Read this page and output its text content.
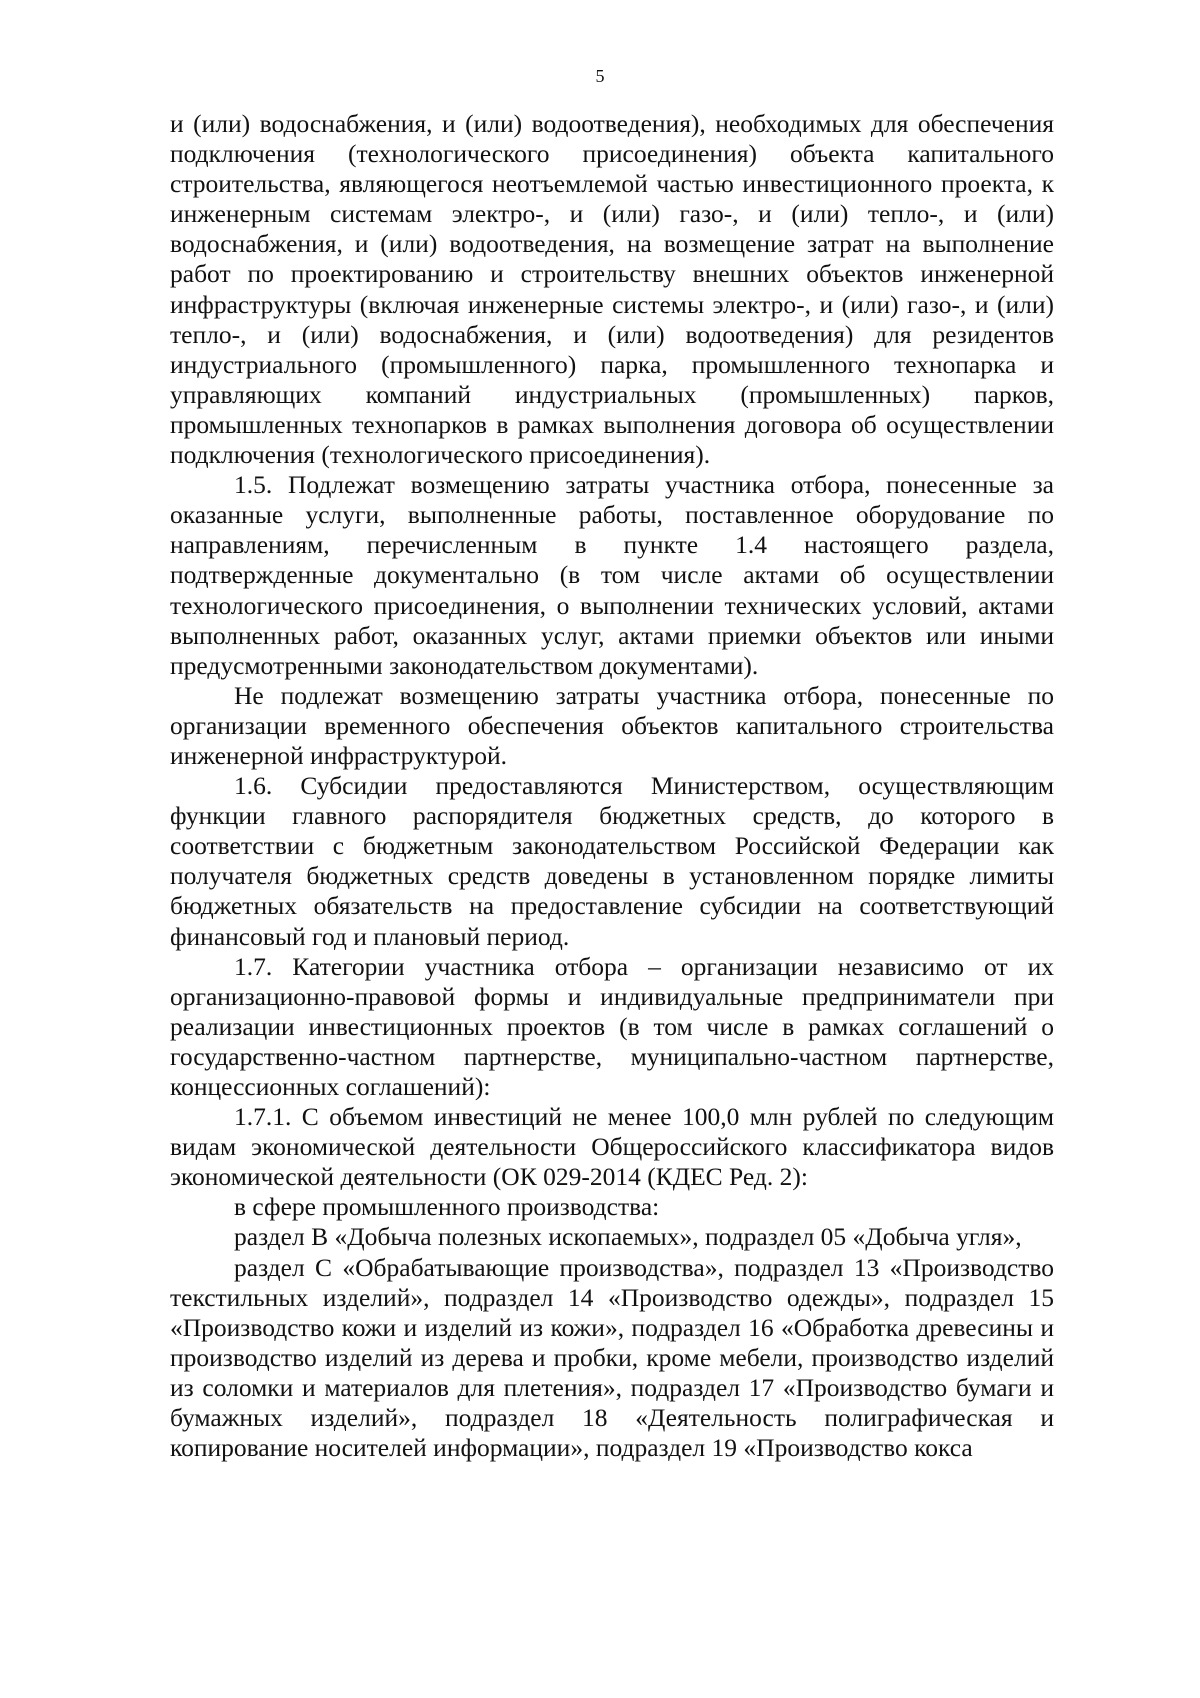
5

и (или) водоснабжения, и (или) водоотведения), необходимых для обеспечения подключения (технологического присоединения) объекта капитального строительства, являющегося неотъемлемой частью инвестиционного проекта, к инженерным системам электро-, и (или) газо-, и (или) тепло-, и (или) водоснабжения, и (или) водоотведения, на возмещение затрат на выполнение работ по проектированию и строительству внешних объектов инженерной инфраструктуры (включая инженерные системы электро-, и (или) газо-, и (или) тепло-, и (или) водоснабжения, и (или) водоотведения) для резидентов индустриального (промышленного) парка, промышленного технопарка и управляющих компаний индустриальных (промышленных) парков, промышленных технопарков в рамках выполнения договора об осуществлении подключения (технологического присоединения).

1.5. Подлежат возмещению затраты участника отбора, понесенные за оказанные услуги, выполненные работы, поставленное оборудование по направлениям, перечисленным в пункте 1.4 настоящего раздела, подтвержденные документально (в том числе актами об осуществлении технологического присоединения, о выполнении технических условий, актами выполненных работ, оказанных услуг, актами приемки объектов или иными предусмотренными законодательством документами).

Не подлежат возмещению затраты участника отбора, понесенные по организации временного обеспечения объектов капитального строительства инженерной инфраструктурой.

1.6. Субсидии предоставляются Министерством, осуществляющим функции главного распорядителя бюджетных средств, до которого в соответствии с бюджетным законодательством Российской Федерации как получателя бюджетных средств доведены в установленном порядке лимиты бюджетных обязательств на предоставление субсидии на соответствующий финансовый год и плановый период.

1.7. Категории участника отбора – организации независимо от их организационно-правовой формы и индивидуальные предприниматели при реализации инвестиционных проектов (в том числе в рамках соглашений о государственно-частном партнерстве, муниципально-частном партнерстве, концессионных соглашений):

1.7.1. С объемом инвестиций не менее 100,0 млн рублей по следующим видам экономической деятельности Общероссийского классификатора видов экономической деятельности (ОК 029-2014 (КДЕС Ред. 2):

в сфере промышленного производства:

раздел B «Добыча полезных ископаемых», подраздел 05 «Добыча угля»,

раздел C «Обрабатывающие производства», подраздел 13 «Производство текстильных изделий», подраздел 14 «Производство одежды», подраздел 15 «Производство кожи и изделий из кожи», подраздел 16 «Обработка древесины и производство изделий из дерева и пробки, кроме мебели, производство изделий из соломки и материалов для плетения», подраздел 17 «Производство бумаги и бумажных изделий», подраздел 18 «Деятельность полиграфическая и копирование носителей информации», подраздел 19 «Производство кокса
